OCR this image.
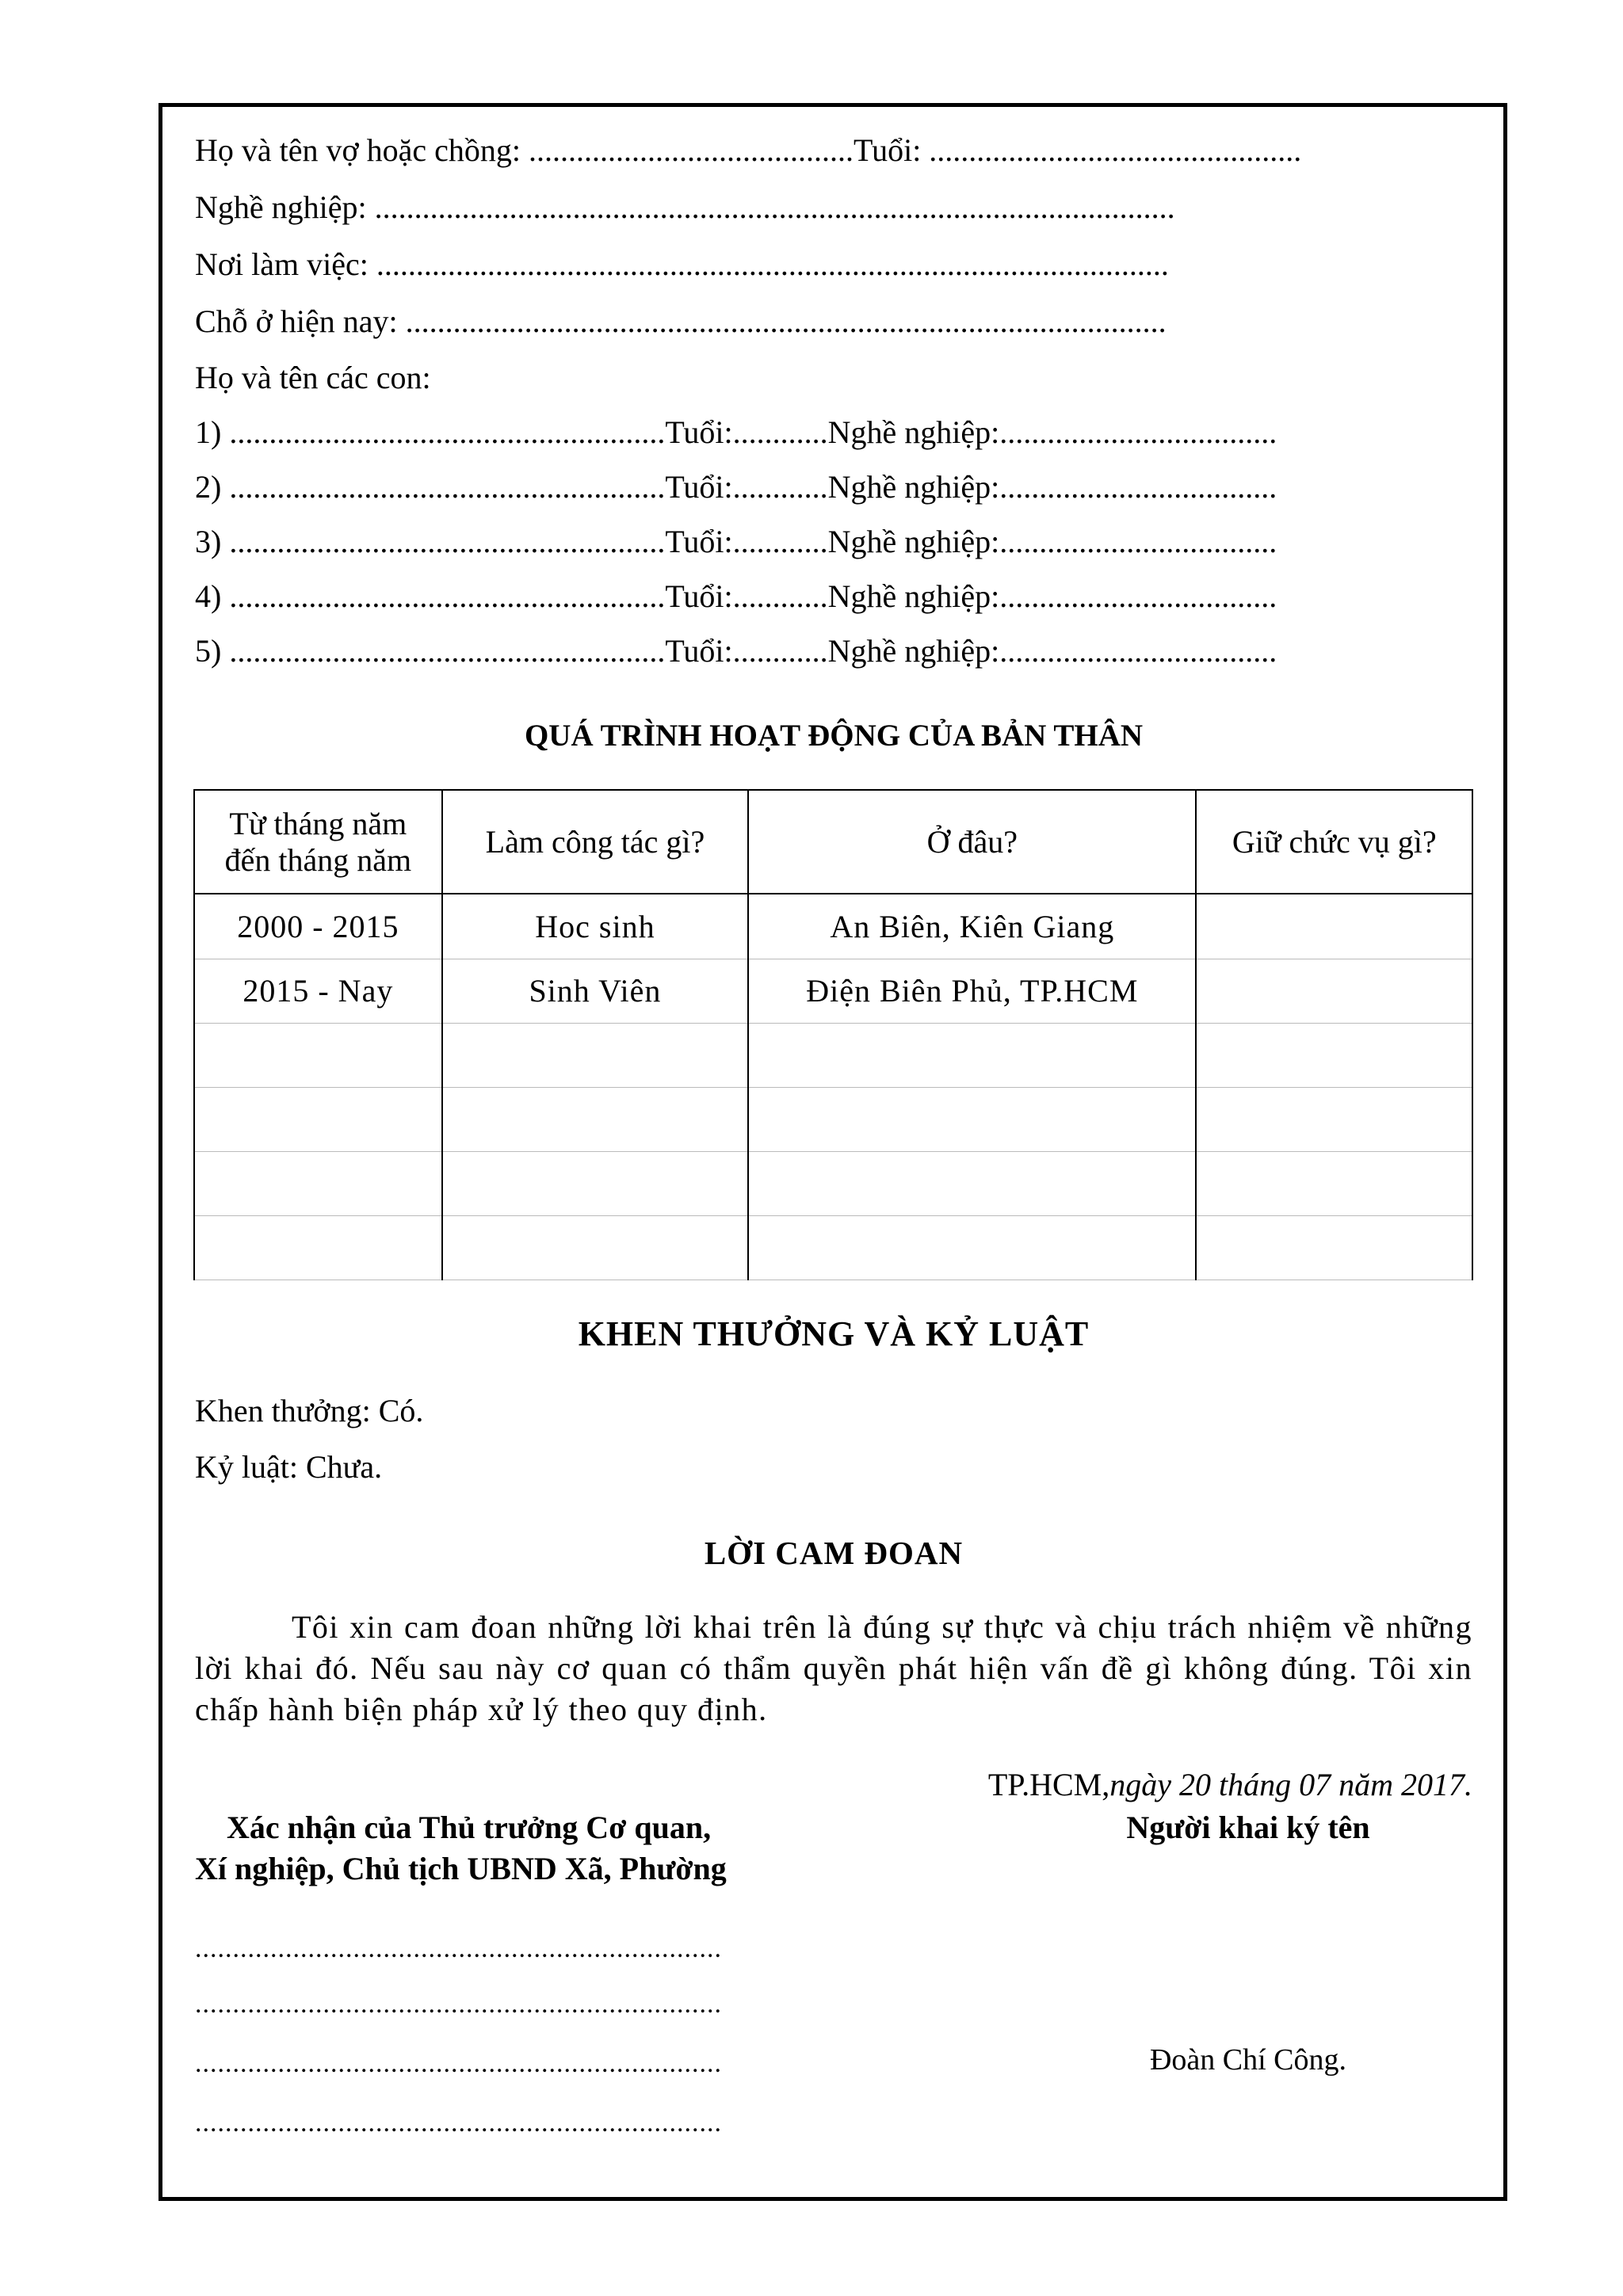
Họ và tên vợ hoặc chồng: .........................................Tuổi: ...............................................
Nghề nghiệp: .....................................................................................................
Nơi làm việc: ....................................................................................................
Chỗ ở hiện nay: ................................................................................................
Họ và tên các con:
1) .......................................................Tuổi:............Nghề nghiệp:...................................
2) .......................................................Tuổi:............Nghề nghiệp:...................................
3) .......................................................Tuổi:............Nghề nghiệp:...................................
4) .......................................................Tuổi:............Nghề nghiệp:...................................
5) .......................................................Tuổi:............Nghề nghiệp:...................................
QUÁ TRÌNH HOẠT ĐỘNG CỦA BẢN THÂN
Từ tháng năm đến tháng năm	Làm công tác gì?	Ở đâu?	Giữ chức vụ gì?
2000 - 2015	Hoc sinh	An Biên, Kiên Giang	
2015 - Nay	Sinh Viên	Điện Biên Phủ, TP.HCM	

KHEN THƯỞNG VÀ KỶ LUẬT
Khen thưởng: Có.
Kỷ luật: Chưa.
LỜI CAM ĐOAN
Tôi xin cam đoan những lời khai trên là đúng sự thực và chịu trách nhiệm về những lời khai đó. Nếu sau này cơ quan có thẩm quyền phát hiện vấn đề gì không đúng. Tôi xin chấp hành biện pháp xử lý theo quy định.
TP.HCM,ngày 20 tháng 07 năm 2017.
Xác nhận của Thủ trưởng Cơ quan,
Xí nghiệp, Chủ tịch UBND Xã, Phường
Người khai ký tên
......................................................................
......................................................................
......................................................................
......................................................................
Đoàn Chí Công.
